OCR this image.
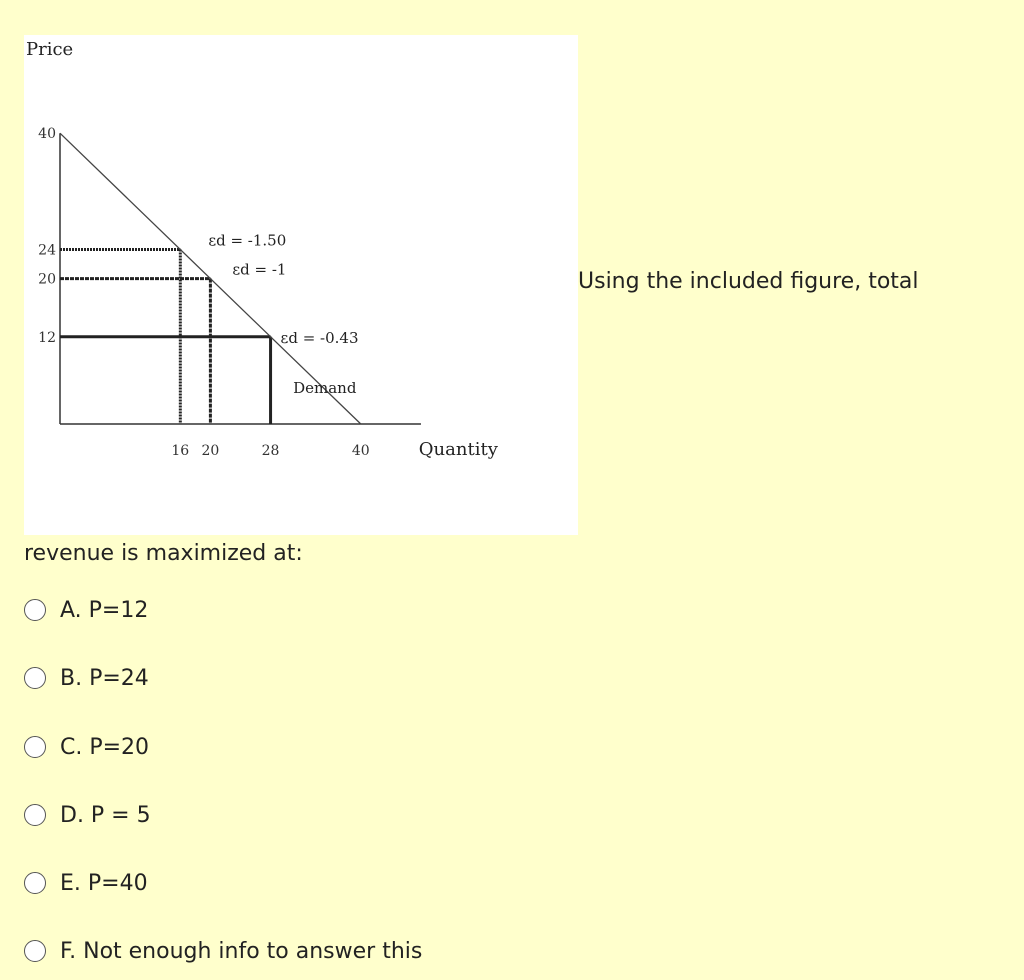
Price
Quantity
12
20
24
40
16 20	28	40
Demand
εd = -1.50
εd = -1
εd = -0.43
Using the included figure, total
revenue is maximized at:
A. P=12
B. P=24
C. P=20
D. P = 5
E. P=40
F. Not enough info to answer this
